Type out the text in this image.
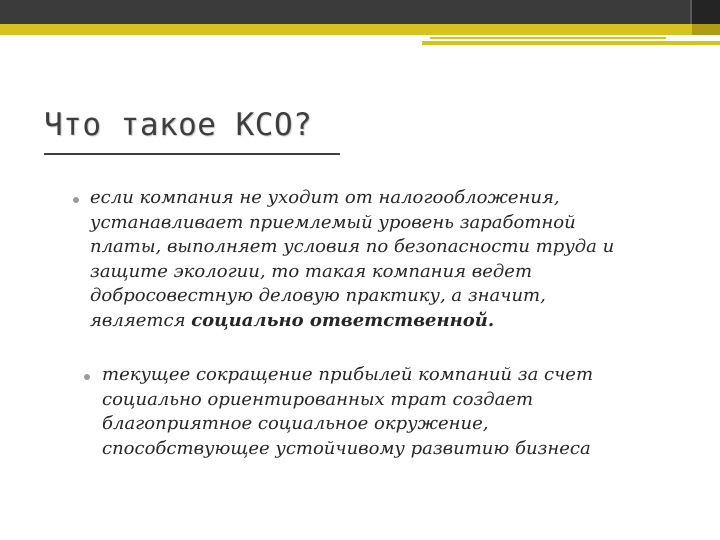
Что такое КСО?
если компания не уходит от налогообложения,
устанавливает приемлемый уровень заработной
платы, выполняет условия по безопасности труда и
защите экологии, то такая компания ведет
добросовестную деловую практику, а значит,
является социально ответственной.
текущее сокращение прибылей компаний за счет
социально ориентированных трат создает
благоприятное социальное окружение,
способствующее устойчивому развитию бизнеса
